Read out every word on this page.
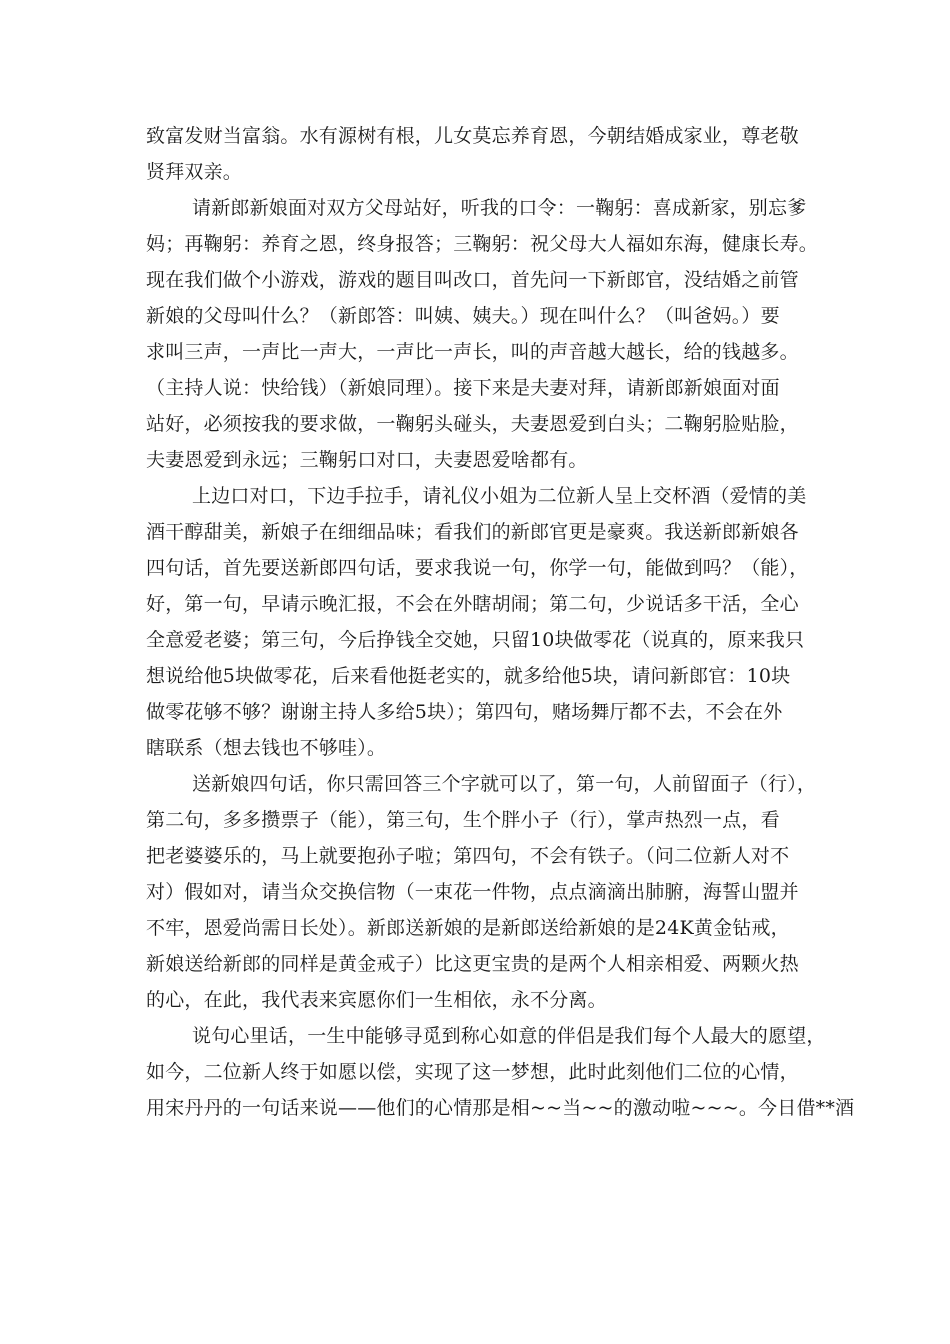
致富发财当富翁。水有源树有根，儿女莫忘养育恩，今朝结婚成家业，尊老敬
贤拜双亲。
请新郎新娘面对双方父母站好，听我的口令：一鞠躬：喜成新家，别忘爹
妈；再鞠躬：养育之恩，终身报答；三鞠躬：祝父母大人福如东海，健康长寿。
现在我们做个小游戏，游戏的题目叫改口，首先问一下新郎官，没结婚之前管
新娘的父母叫什么？（新郎答：叫姨、姨夫。）现在叫什么？（叫爸妈。）要
求叫三声，一声比一声大，一声比一声长，叫的声音越大越长，给的钱越多。
（主持人说：快给钱）（新娘同理）。接下来是夫妻对拜，请新郎新娘面对面
站好，必须按我的要求做，一鞠躬头碰头，夫妻恩爱到白头；二鞠躬脸贴脸，
夫妻恩爱到永远；三鞠躬口对口，夫妻恩爱啥都有。
上边口对口，下边手拉手，请礼仪小姐为二位新人呈上交杯酒（爱情的美
酒干醇甜美，新娘子在细细品味；看我们的新郎官更是豪爽。我送新郎新娘各
四句话，首先要送新郎四句话，要求我说一句，你学一句，能做到吗？（能），
好，第一句，早请示晚汇报，不会在外瞎胡闹；第二句，少说话多干活，全心
全意爱老婆；第三句，今后挣钱全交她，只留10块做零花（说真的，原来我只
想说给他5块做零花，后来看他挺老实的，就多给他5块，请问新郎官：10块
做零花够不够？谢谢主持人多给5块）；第四句，赌场舞厅都不去，不会在外
瞎联系（想去钱也不够哇）。
送新娘四句话，你只需回答三个字就可以了，第一句，人前留面子（行），
第二句，多多攒票子（能），第三句，生个胖小子（行），掌声热烈一点，看
把老婆婆乐的，马上就要抱孙子啦；第四句，不会有铁子。（问二位新人对不
对）假如对，请当众交换信物（一束花一件物，点点滴滴出肺腑，海誓山盟并
不牢，恩爱尚需日长处）。新郎送新娘的是新郎送给新娘的是24K黄金钻戒，
新娘送给新郎的同样是黄金戒子）比这更宝贵的是两个人相亲相爱、两颗火热
的心，在此，我代表来宾愿你们一生相依，永不分离。
说句心里话，一生中能够寻觅到称心如意的伴侣是我们每个人最大的愿望，
如今，二位新人终于如愿以偿，实现了这一梦想，此时此刻他们二位的心情，
用宋丹丹的一句话来说——他们的心情那是相~~当~~的激动啦~~~。今日借**酒
